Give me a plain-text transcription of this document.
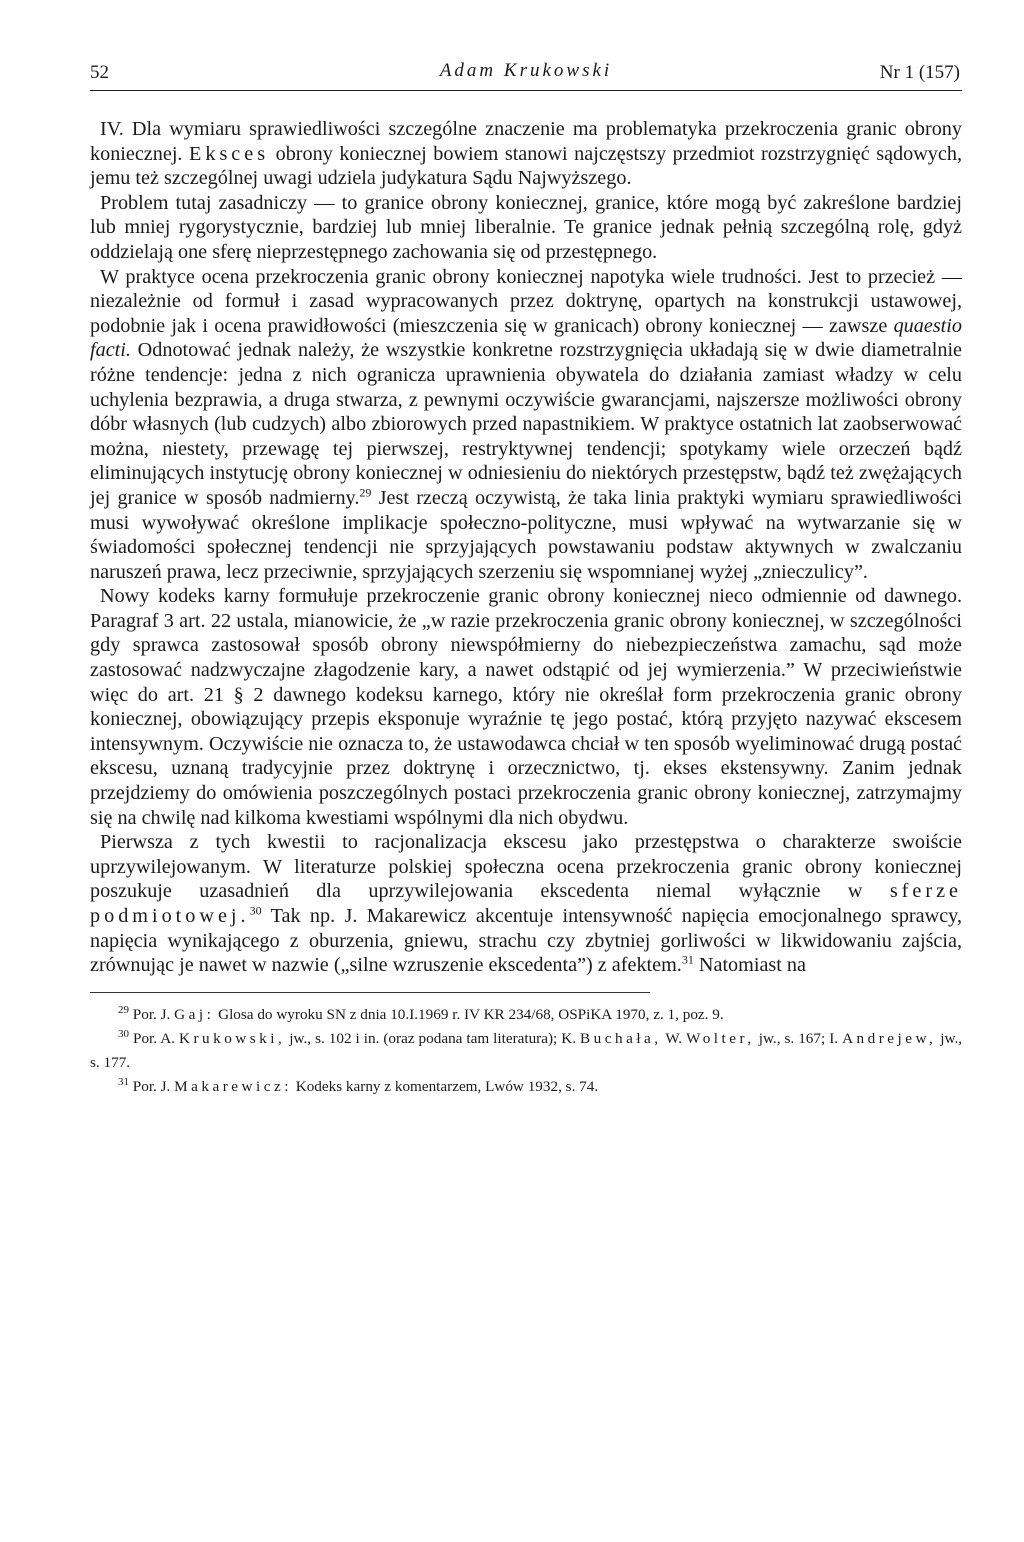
52	Adam Krukowski	Nr 1 (157)

IV. Dla wymiaru sprawiedliwości szczególne znaczenie ma problematyka przekroczenia granic obrony koniecznej. Eksces obrony koniecznej bowiem stanowi najczęstszy przedmiot rozstrzygnięć sądowych, jemu też szczególnej uwagi udziela judykatura Sądu Najwyższego.

Problem tutaj zasadniczy — to granice obrony koniecznej, granice, które mogą być zakreślone bardziej lub mniej rygorystycznie, bardziej lub mniej liberalnie. Te granice jednak pełnią szczególną rolę, gdyż oddzielają one sferę nieprzestępnego zachowania się od przestępnego.

W praktyce ocena przekroczenia granic obrony koniecznej napotyka wiele trudności. Jest to przecież — niezależnie od formuł i zasad wypracowanych przez doktrynę, opartych na konstrukcji ustawowej, podobnie jak i ocena prawidłowości (mieszczenia się w granicach) obrony koniecznej — zawsze quaestio facti. Odnotować jednak należy, że wszystkie konkretne rozstrzygnięcia układają się w dwie diametralnie różne tendencje: jedna z nich ogranicza uprawnienia obywatela do działania zamiast władzy w celu uchylenia bezprawia, a druga stwarza, z pewnymi oczywiście gwarancjami, najszersze możliwości obrony dóbr własnych (lub cudzych) albo zbiorowych przed napastnikiem. W praktyce ostatnich lat zaobserwować można, niestety, przewagę tej pierwszej, restryktywnej tendencji; spotykamy wiele orzeczeń bądź eliminujących instytucję obrony koniecznej w odniesieniu do niektórych przestępstw, bądź też zwężających jej granice w sposób nadmierny.$^{29}$ Jest rzeczą oczywistą, że taka linia praktyki wymiaru sprawiedliwości musi wywoływać określone implikacje społeczno-polityczne, musi wpływać na wytwarzanie się w świadomości społecznej tendencji nie sprzyjających powstawaniu podstaw aktywnych w zwalczaniu naruszeń prawa, lecz przeciwnie, sprzyjających szerzeniu się wspomnianej wyżej „znieczulicy”.

Nowy kodeks karny formułuje przekroczenie granic obrony koniecznej nieco odmiennie od dawnego. Paragraf 3 art. 22 ustala, mianowicie, że „w razie przekroczenia granic obrony koniecznej, w szczególności gdy sprawca zastosował sposób obrony niewspółmierny do niebezpieczeństwa zamachu, sąd może zastosować nadzwyczajne złagodzenie kary, a nawet odstąpić od jej wymierzenia.” W przeciwieństwie więc do art. 21 § 2 dawnego kodeksu karnego, który nie określał form przekroczenia granic obrony koniecznej, obowiązujący przepis eksponuje wyraźnie tę jego postać, którą przyjęto nazywać ekscesem intensywnym. Oczywiście nie oznacza to, że ustawodawca chciał w ten sposób wyeliminować drugą postać ekscesu, uznaną tradycyjnie przez doktrynę i orzecznictwo, tj. ekses ekstensywny. Zanim jednak przejdziemy do omówienia poszczególnych postaci przekroczenia granic obrony koniecznej, zatrzymajmy się na chwilę nad kilkoma kwestiami wspólnymi dla nich obydwu.

Pierwsza z tych kwestii to racjonalizacja ekscesu jako przestępstwa o charakterze swoiście uprzywilejowanym. W literaturze polskiej społeczna ocena przekroczenia granic obrony koniecznej poszukuje uzasadnień dla uprzywilejowania ekscedenta niemal wyłącznie w sferze podmiotowej.$^{30}$ Tak np. J. Makarewicz akcentuje intensywność napięcia emocjonalnego sprawcy, napięcia wynikającego z oburzenia, gniewu, strachu czy zbytniej gorliwości w likwidowaniu zajścia, zrównując je nawet w nazwie („silne wzruszenie ekscedenta”) z afektem.$^{31}$ Natomiast na

$^{29}$ Por. J. Gaj: Glosa do wyroku SN z dnia 10.I.1969 r. IV KR 234/68, OSPiKA 1970, z. 1, poz. 9.

$^{30}$ Por. A. Krukowski, jw., s. 102 i in. (oraz podana tam literatura); K. Buchała, W. Wolter, jw., s. 167; I. Andrejew, jw., s. 177.

$^{31}$ Por. J. Makarewicz: Kodeks karny z komentarzem, Lwów 1932, s. 74.
